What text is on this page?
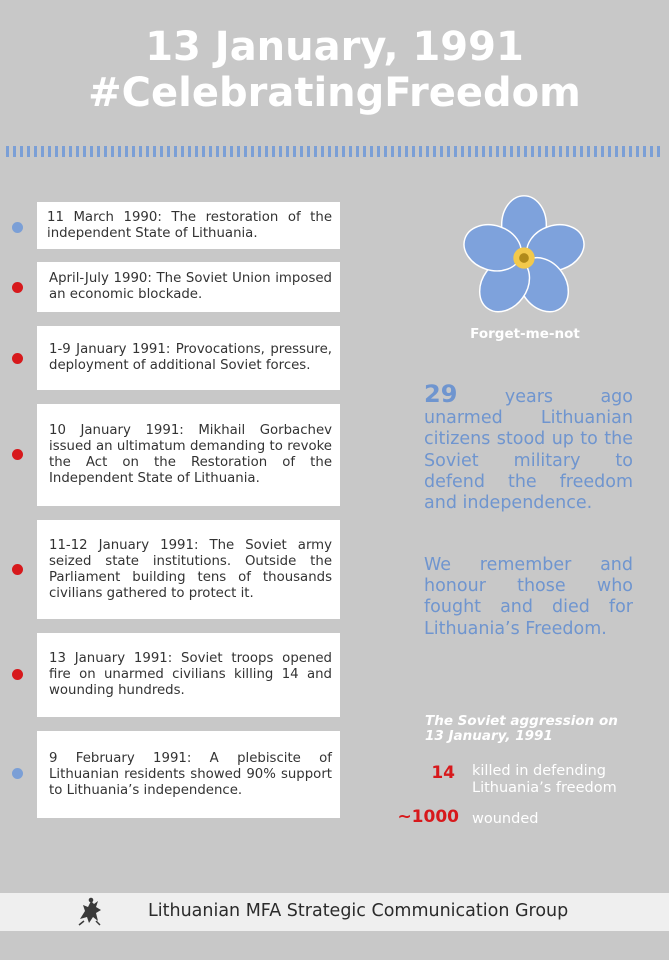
13 January, 1991
#CelebratingFreedom
11 March 1990: The restoration of the independent State of Lithuania.
April-July 1990: The Soviet Union imposed an economic blockade.
1-9 January 1991: Provocations, pressure, deployment of additional Soviet forces.
10 January 1991: Mikhail Gorbachev issued an ultimatum demanding to revoke the Act on the Restoration of the Independent State of Lithuania.
11-12 January 1991: The Soviet army seized state institutions. Outside the Parliament building tens of thousands civilians gathered to protect it.
13 January 1991: Soviet troops opened fire on unarmed civilians killing 14 and wounding hundreds.
9 February 1991: A plebiscite of Lithuanian residents showed 90% support to Lithuania’s independence.
Forget-me-not
29 years ago unarmed Lithuanian citizens stood up to the Soviet military to defend the freedom and independence.
We remember and honour those who fought and died for Lithuania’s Freedom.
The Soviet aggression on
13 January, 1991
14 killed in defending
Lithuania’s freedom
~1000 wounded
Lithuanian MFA Strategic Communication Group
